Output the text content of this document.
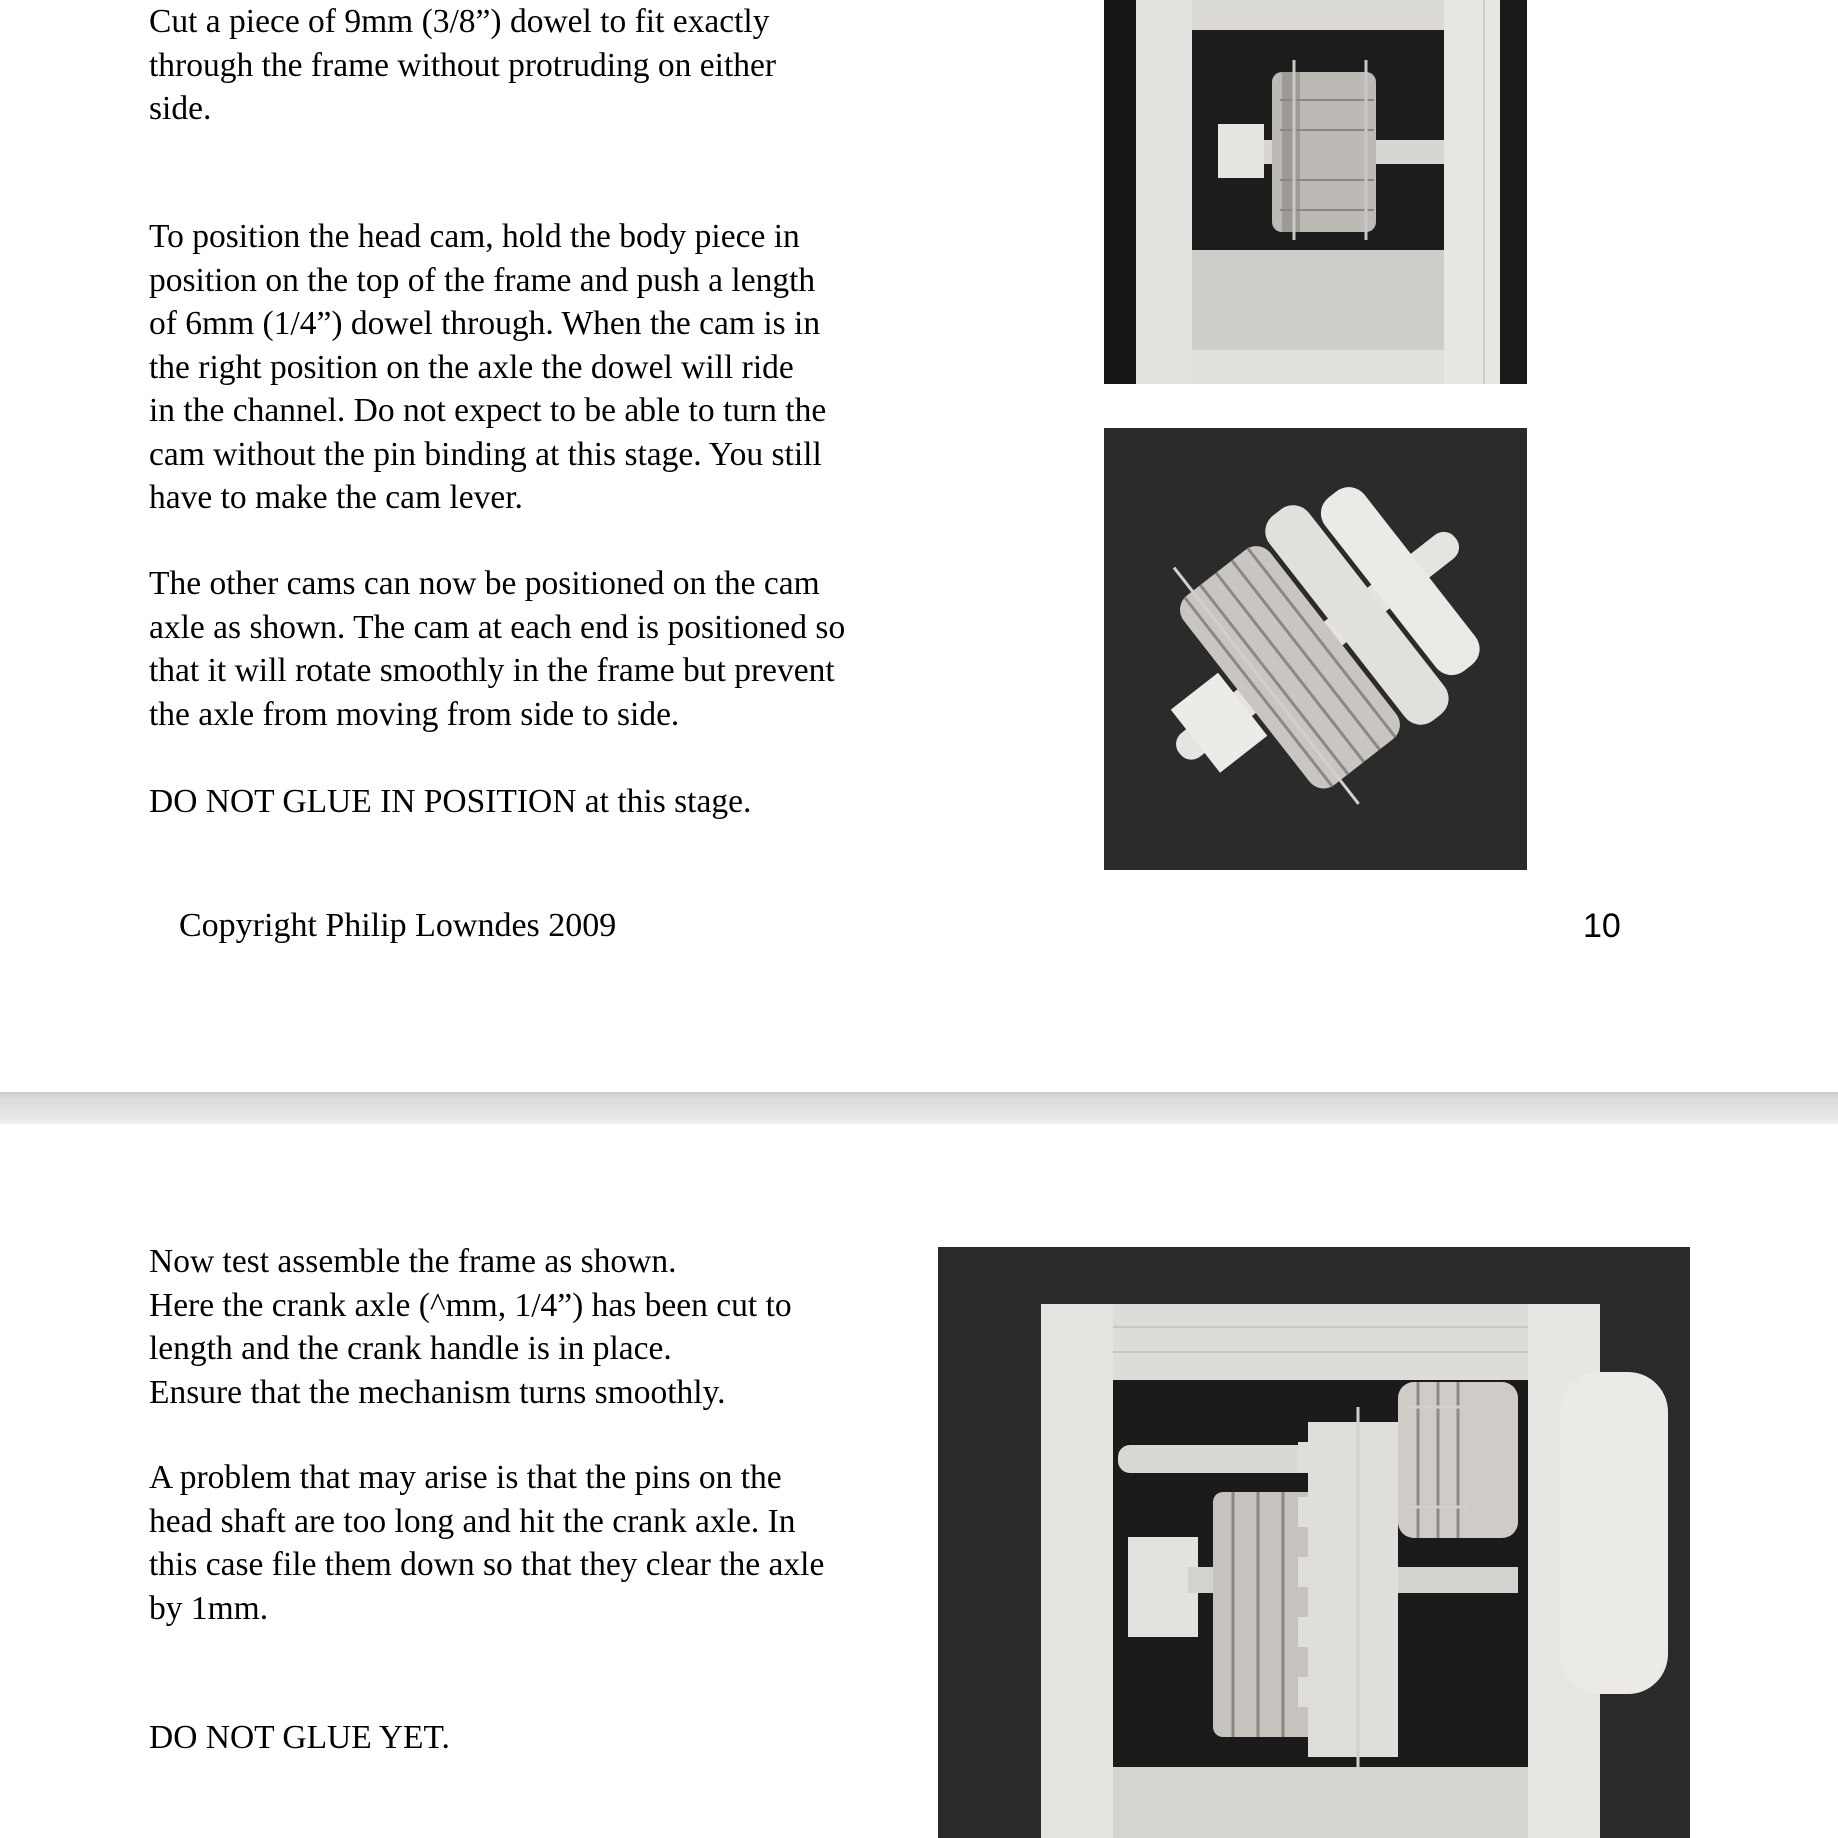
Cut a piece of 9mm (3/8”) dowel to fit exactly
through the frame without protruding on either
side.

To position the head cam, hold the body piece in
position on the top of the frame and push a length
of 6mm (1/4”) dowel through. When the cam is in
the right position on the axle the dowel will ride
in the channel. Do not expect to be able to turn the
cam without the pin binding at this stage. You still
have to make the cam lever.

The other cams can now be positioned on the cam
axle as shown. The cam at each end is positioned so
that it will rotate smoothly in the frame but prevent
the axle from moving from side to side.

DO NOT GLUE IN POSITION at this stage.

Copyright Philip Lowndes 2009	10

Now test assemble the frame as shown.
Here the crank axle (^mm, 1/4”) has been cut to
length and the crank handle is in place.
Ensure that the mechanism turns smoothly.

A problem that may arise is that the pins on the
head shaft are too long and hit the crank axle. In
this case file them down so that they clear the axle
by 1mm.

DO NOT GLUE YET.
